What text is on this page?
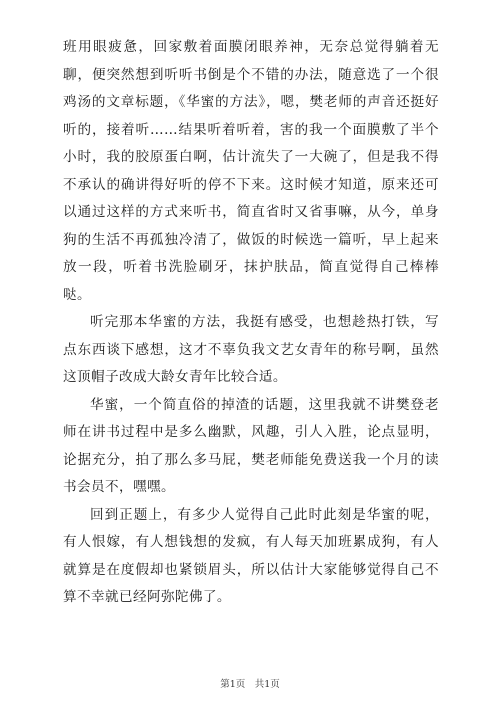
班用眼疲惫，回家敷着面膜闭眼养神，无奈总觉得躺着无聊，便突然想到听听书倒是个不错的办法，随意选了一个很鸡汤的文章标题，《华蜜的方法》，嗯，樊老师的声音还挺好听的，接着听……结果听着听着，害的我一个面膜敷了半个小时，我的胶原蛋白啊，估计流失了一大碗了，但是我不得不承认的确讲得好听的停不下来。这时候才知道，原来还可以通过这样的方式来听书，简直省时又省事嘛，从今，单身狗的生活不再孤独冷清了，做饭的时候选一篇听，早上起来放一段，听着书洗脸刷牙，抹护肤品，简直觉得自己棒棒哒。

听完那本华蜜的方法，我挺有感受，也想趁热打铁，写点东西谈下感想，这才不辜负我文艺女青年的称号啊，虽然这顶帽子改成大龄女青年比较合适。

华蜜，一个简直俗的掉渣的话题，这里我就不讲樊登老师在讲书过程中是多么幽默，风趣，引人入胜，论点显明，论据充分，拍了那么多马屁，樊老师能免费送我一个月的读书会员不，嘿嘿。

回到正题上，有多少人觉得自己此时此刻是华蜜的呢，有人恨嫁，有人想钱想的发疯，有人每天加班累成狗，有人就算是在度假却也紧锁眉头，所以估计大家能够觉得自己不算不幸就已经阿弥陀佛了。

第1页　共1页
